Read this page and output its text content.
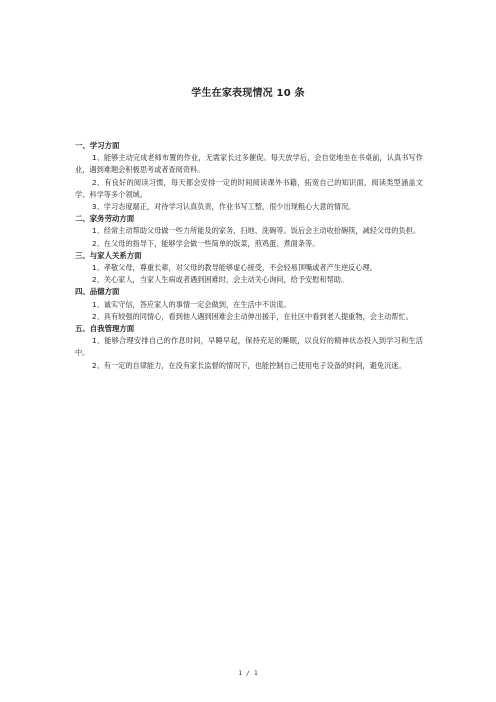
学生在家表现情况 10 条

一、学习方面

1、能够主动完成老师布置的作业，无需家长过多催促。每天放学后，会自觉地坐在书桌前，认真书写作业，遇到难题会积极思考或者查阅资料。

2、有良好的阅读习惯，每天都会安排一定的时间阅读课外书籍，拓宽自己的知识面，阅读类型涵盖文学、科学等多个领域。

3、学习态度端正，对待学习认真负责，作业书写工整，很少出现粗心大意的情况。

二、家务劳动方面

1、经常主动帮助父母做一些力所能及的家务，扫地、洗碗等。饭后会主动收拾碗筷，减轻父母的负担。

2、在父母的指导下，能够学会做一些简单的饭菜，煎鸡蛋、煮面条等。

三、与家人关系方面

1、孝敬父母，尊重长辈，对父母的教导能够虚心接受，不会轻易顶嘴或者产生逆反心理。

2、关心家人，当家人生病或者遇到困难时，会主动关心询问，给予安慰和帮助。

四、品德方面

1、诚实守信，答应家人的事情一定会做到，在生活中不说谎。

2、具有较强的同情心，看到他人遇到困难会主动伸出援手，在社区中看到老人提重物，会主动帮忙。

五、自我管理方面

1、能够合理安排自己的作息时间，早睡早起，保持充足的睡眠，以良好的精神状态投入到学习和生活中。

2、有一定的自律能力，在没有家长监督的情况下，也能控制自己使用电子设备的时间，避免沉迷。

1 / 1
